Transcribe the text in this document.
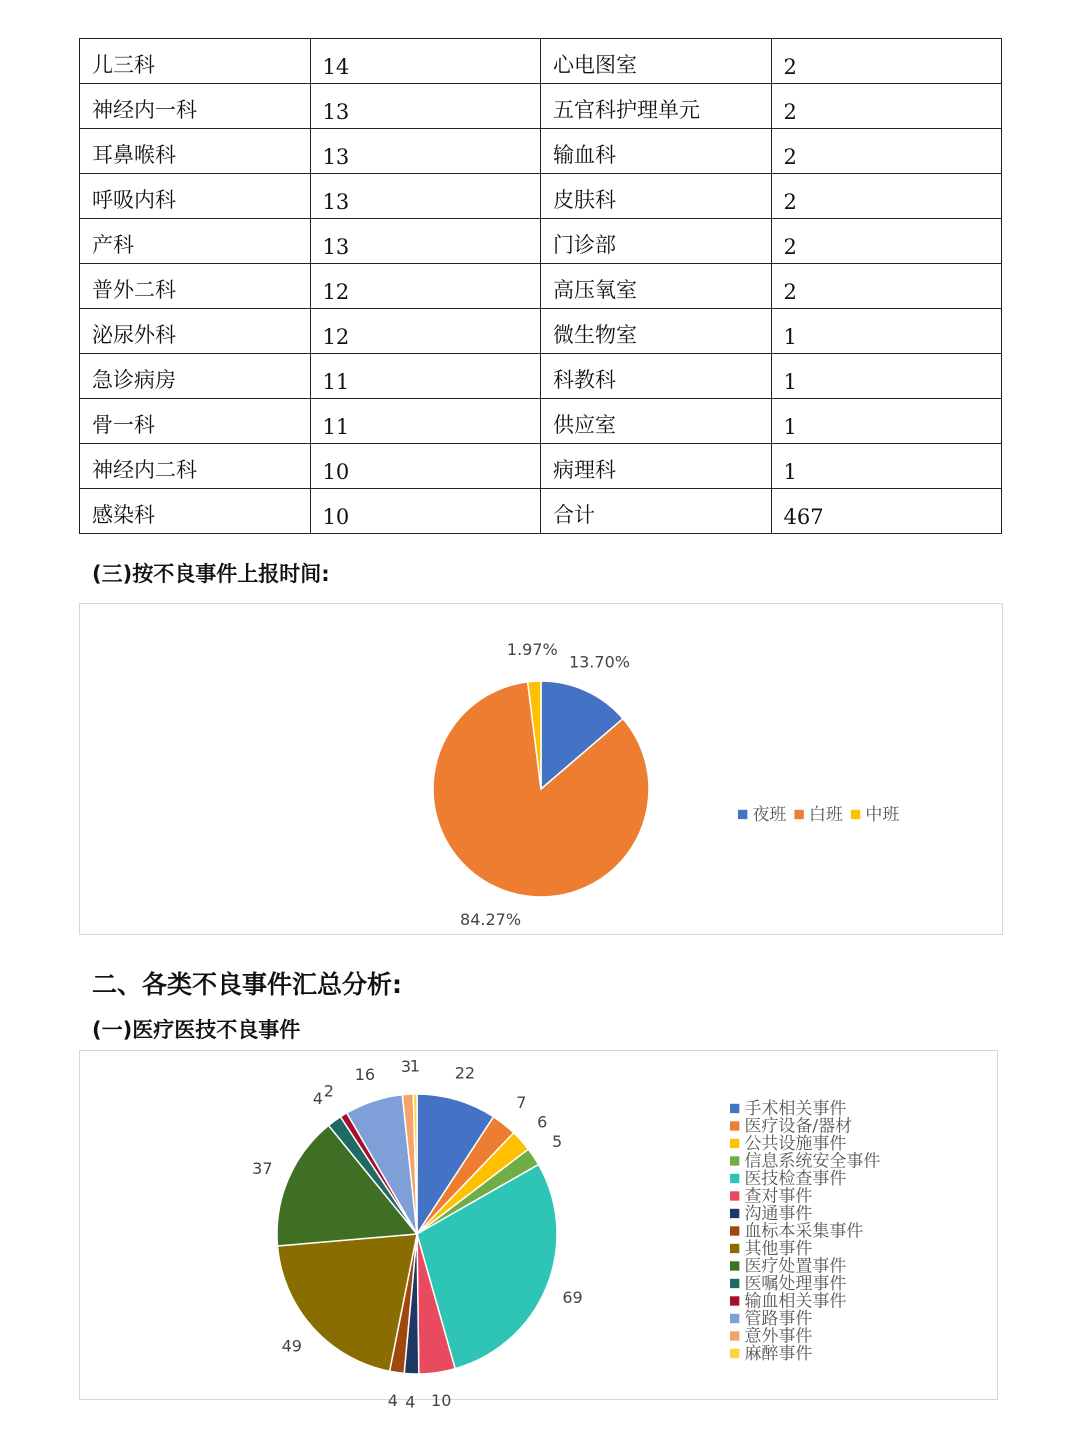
儿三科	14	心电图室	2
神经内一科	13	五官科护理单元	2
耳鼻喉科	13	输血科	2
呼吸内科	13	皮肤科	2
产科	13	门诊部	2
普外二科	12	高压氧室	2
泌尿外科	12	微生物室	1
急诊病房	11	科教科	1
骨一科	11	供应室	1
神经内二科	10	病理科	1
感染科	10	合计	467
(三)按不良事件上报时间:
13.70%
84.27%
1.97%
夜班 白班 中班
二、各类不良事件汇总分析:
(一)医疗医技不良事件
22
7
6
5
69
10
4
4
49
37
4 2
16 3
1
手术相关事件
医疗设备/器材
公共设施事件
信息系统安全事件
医技检查事件
查对事件
沟通事件
血标本采集事件
其他事件
医疗处置事件
医嘱处理事件
输血相关事件
管路事件
意外事件
麻醉事件
